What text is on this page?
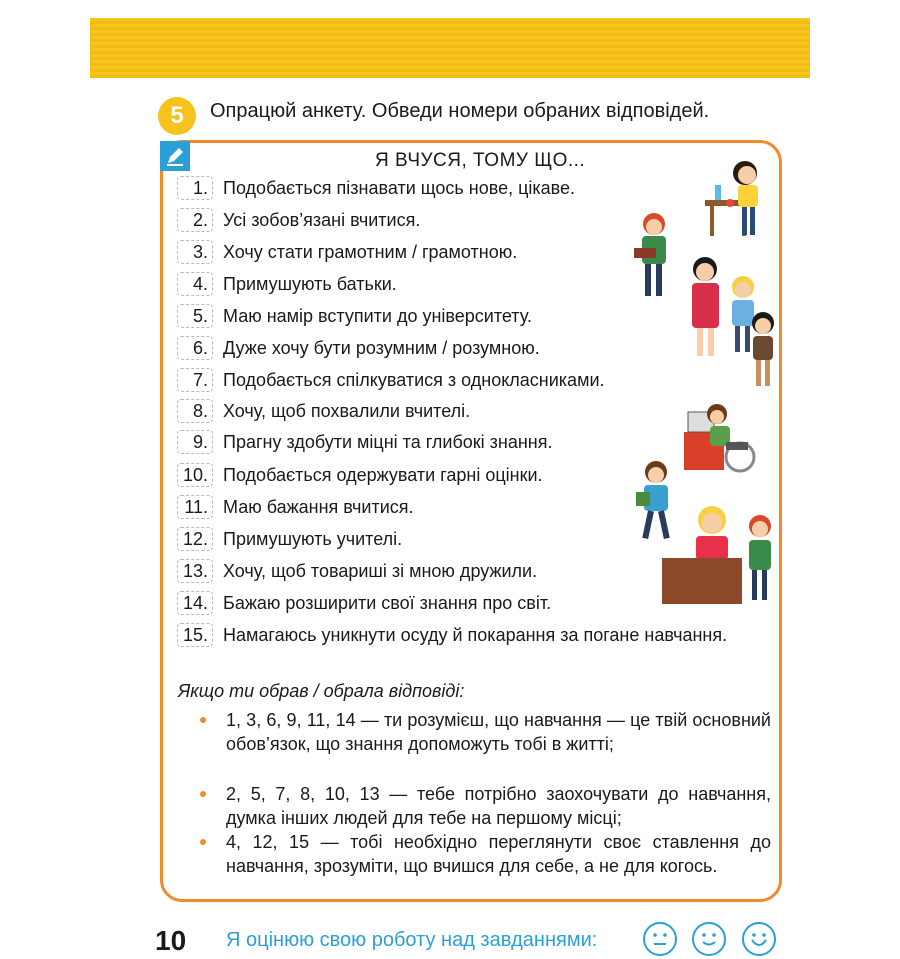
5	Опрацюй анкету. Обведи номери обраних відповідей.
Я ВЧУСЯ, ТОМУ ЩО...
1. Подобається пізнавати щось нове, цікаве.
2. Усі зобов’язані вчитися.
3. Хочу стати грамотним / грамотною.
4. Примушують батьки.
5. Маю намір вступити до університету.
6. Дуже хочу бути розумним / розумною.
7. Подобається спілкуватися з однокласниками.
8. Хочу, щоб похвалили вчителі.
9. Прагну здобути міцні та глибокі знання.
10. Подобається одержувати гарні оцінки.
11. Маю бажання вчитися.
12. Примушують учителі.
13. Хочу, щоб товариші зі мною дружили.
14. Бажаю розширити свої знання про світ.
15. Намагаюсь уникнути осуду й покарання за погане навчання.
Якщо ти обрав / обрала відповіді:
1, 3, 6, 9, 11, 14 — ти розумієш, що навчання — це твій основний обов’язок, що знання допоможуть тобі в житті;
2, 5, 7, 8, 10, 13 — тебе потрібно заохочувати до навчання, думка інших людей для тебе на першому місці;
4, 12, 15 — тобі необхідно переглянути своє ставлення до навчання, зрозуміти, що вчишся для себе, а не для когось.
10 Я оцінюю свою роботу над завданнями:
